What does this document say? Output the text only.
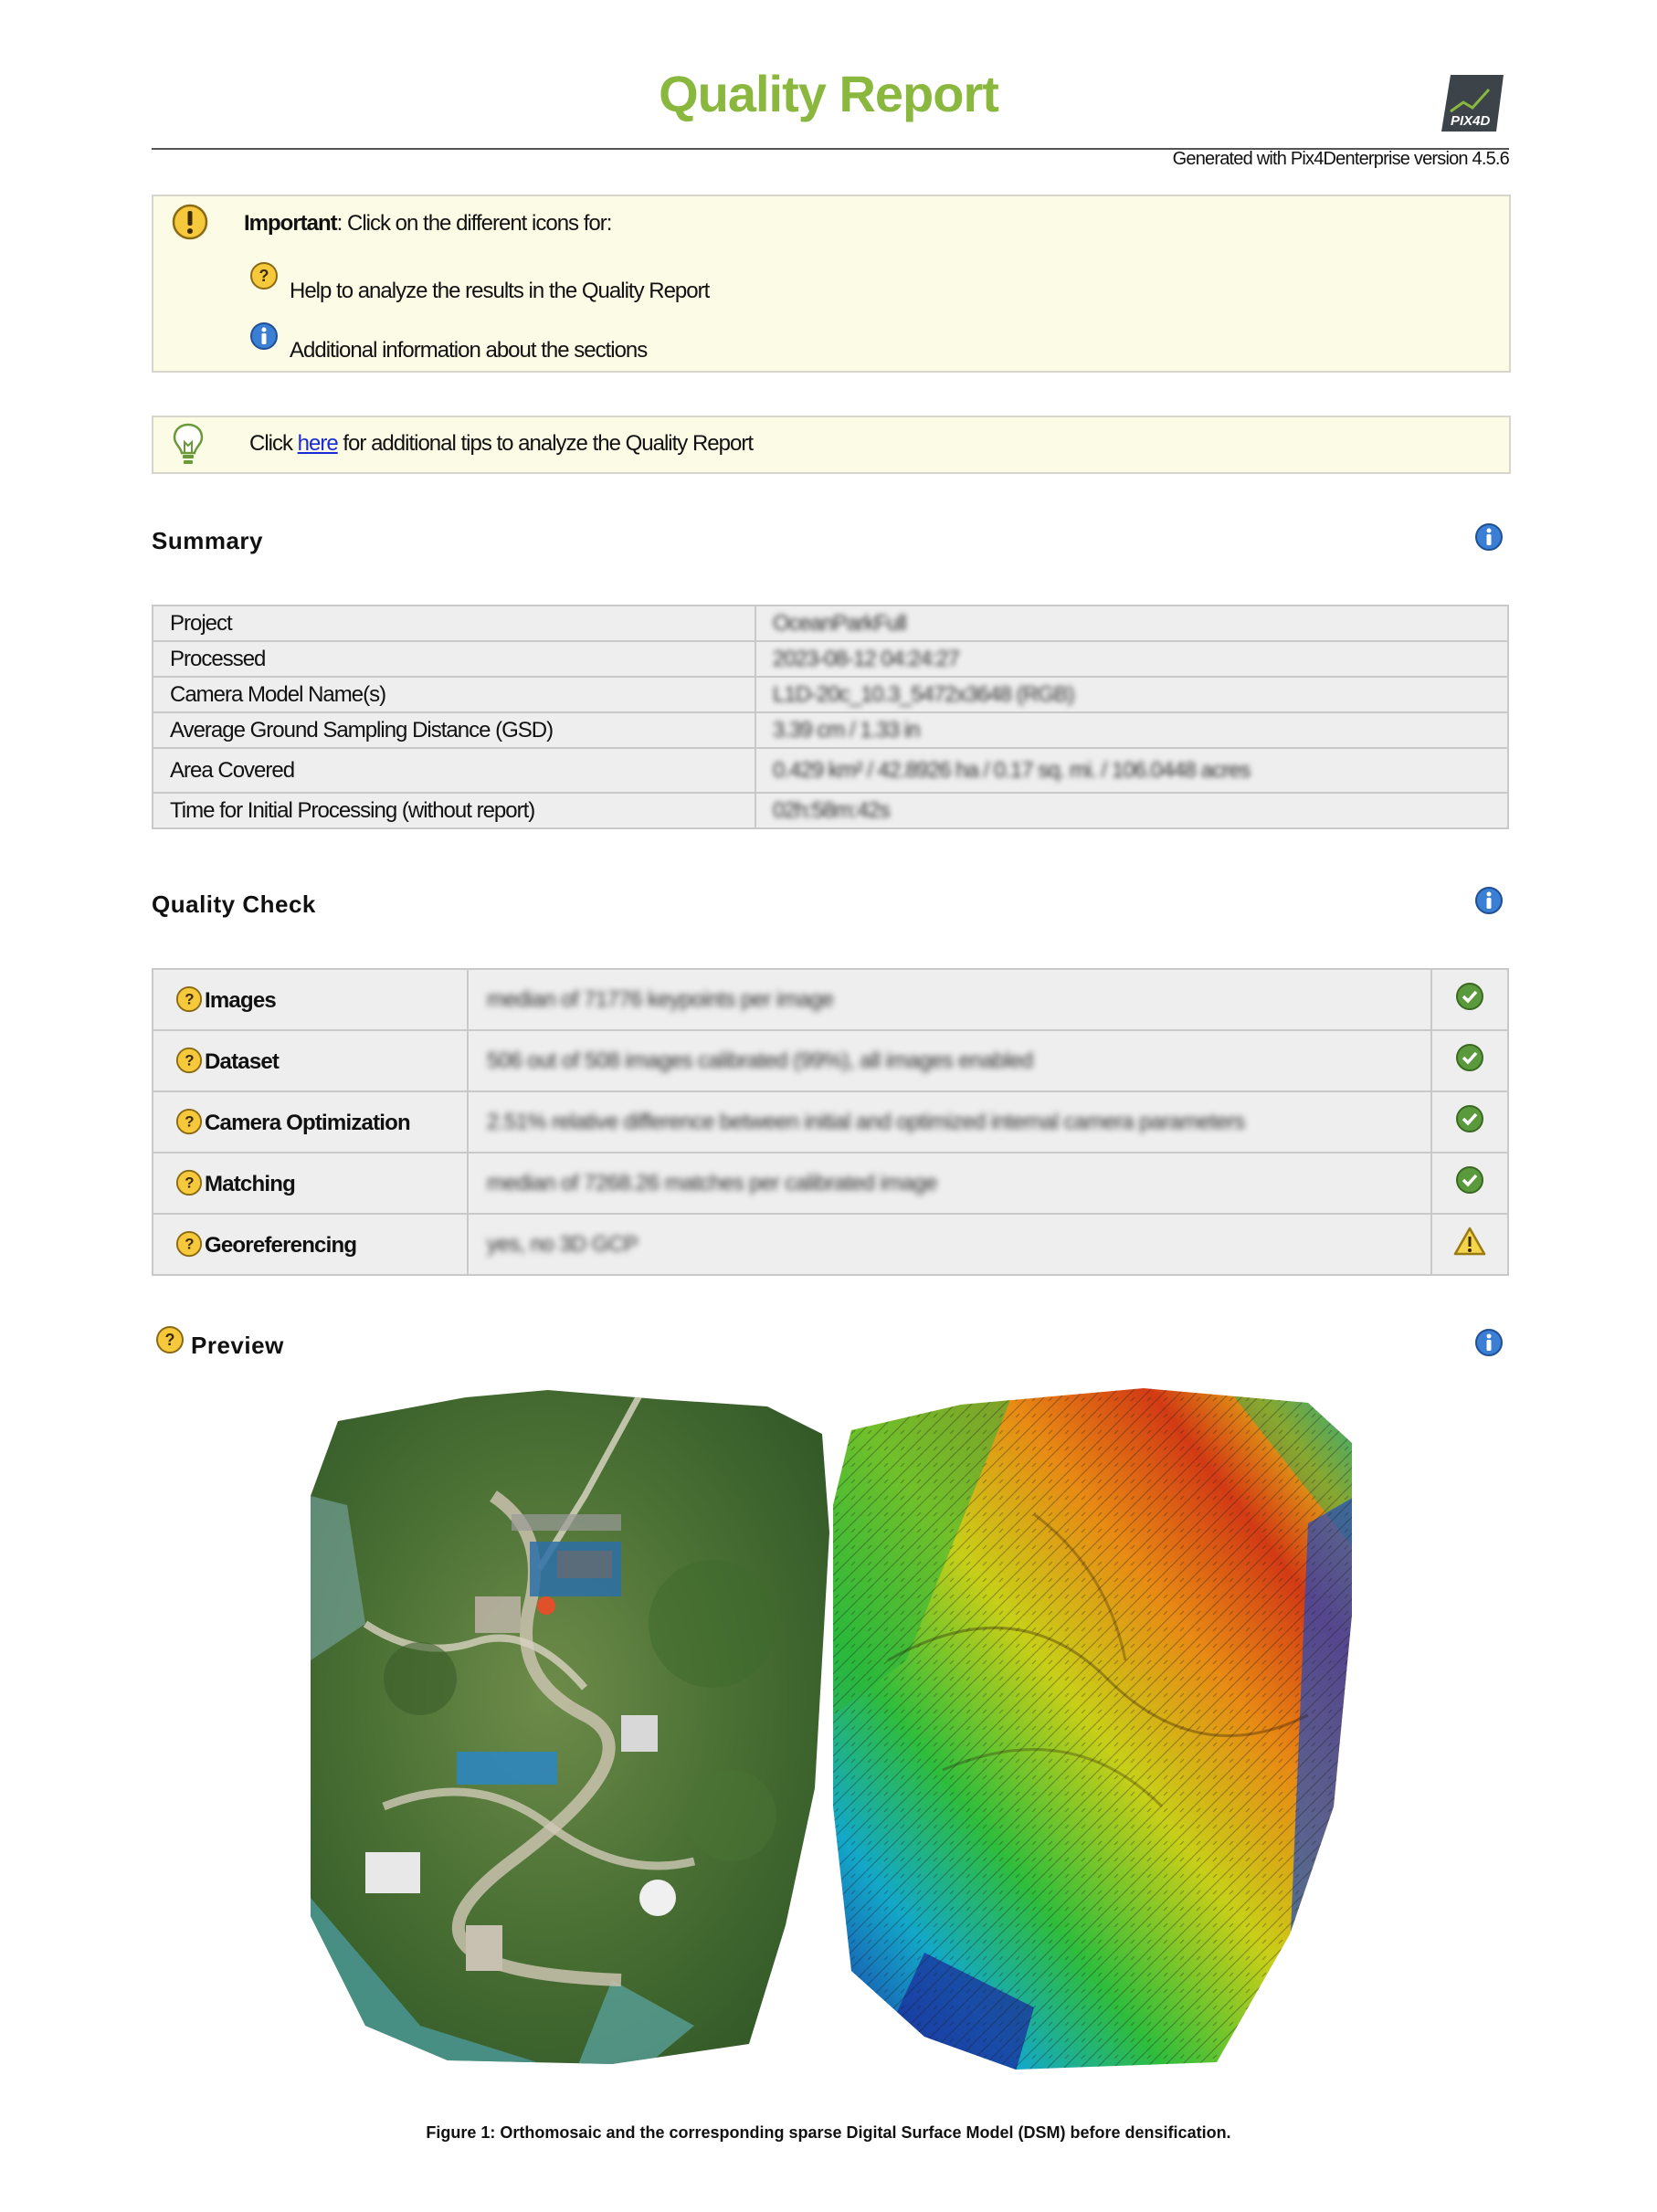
Quality Report	PIX4D
Generated with Pix4Denterprise version 4.5.6
Important: Click on the different icons for:
?
Help to analyze the results in the Quality Report
Additional information about the sections
Click here for additional tips to analyze the Quality Report
Summary
Project	OceanParkFull
Processed	2023-08-12 04:24:27
Camera Model Name(s)	L1D-20c_10.3_5472x3648 (RGB)
Average Ground Sampling Distance (GSD)	3.39 cm / 1.33 in
Area Covered	0.429 km² / 42.8926 ha / 0.17 sq. mi. / 106.0448 acres
Time for Initial Processing (without report)	02h:58m:42s
Quality Check
? Images	median of 71776 keypoints per image	

? Dataset	506 out of 508 images calibrated (99%), all images enabled	

? Camera Optimization	2.51% relative difference between initial and optimized internal camera parameters	

? Matching	median of 7268.26 matches per calibrated image	

? Georeferencing	yes, no 3D GCP	
? Preview
Figure 1: Orthomosaic and the corresponding sparse Digital Surface Model (DSM) before densification.
